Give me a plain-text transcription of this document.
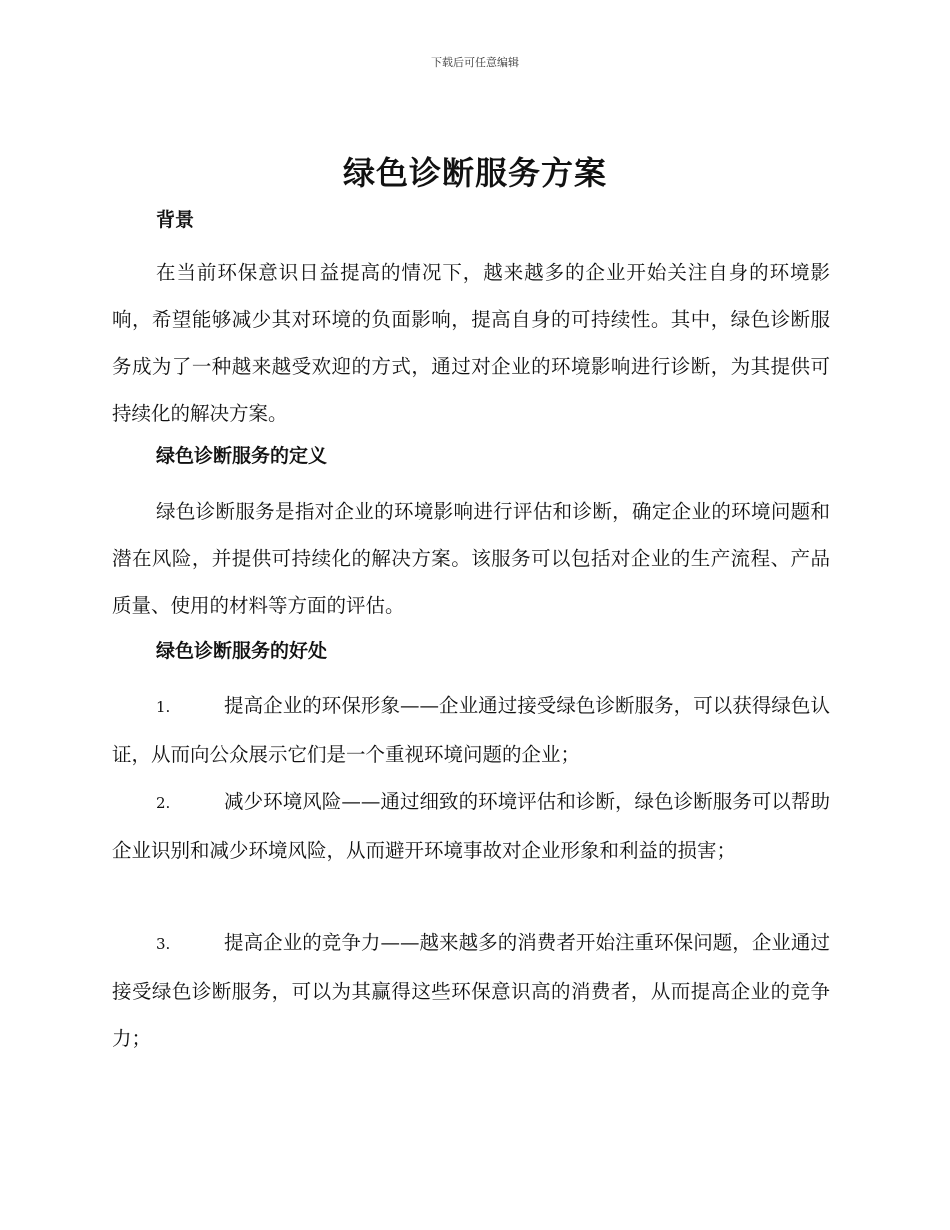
下载后可任意编辑
绿色诊断服务方案
背景

在当前环保意识日益提高的情况下，越来越多的企业开始关注自身的环境影响，希望能够减少其对环境的负面影响，提高自身的可持续性。其中，绿色诊断服务成为了一种越来越受欢迎的方式，通过对企业的环境影响进行诊断，为其提供可持续化的解决方案。

绿色诊断服务的定义

绿色诊断服务是指对企业的环境影响进行评估和诊断，确定企业的环境问题和潜在风险，并提供可持续化的解决方案。该服务可以包括对企业的生产流程、产品质量、使用的材料等方面的评估。

绿色诊断服务的好处

1.	提高企业的环保形象——企业通过接受绿色诊断服务，可以获得绿色认证，从而向公众展示它们是一个重视环境问题的企业；

2.	减少环境风险——通过细致的环境评估和诊断，绿色诊断服务可以帮助企业识别和减少环境风险，从而避开环境事故对企业形象和利益的损害；

3.	提高企业的竞争力——越来越多的消费者开始注重环保问题，企业通过接受绿色诊断服务，可以为其赢得这些环保意识高的消费者，从而提高企业的竞争力；
